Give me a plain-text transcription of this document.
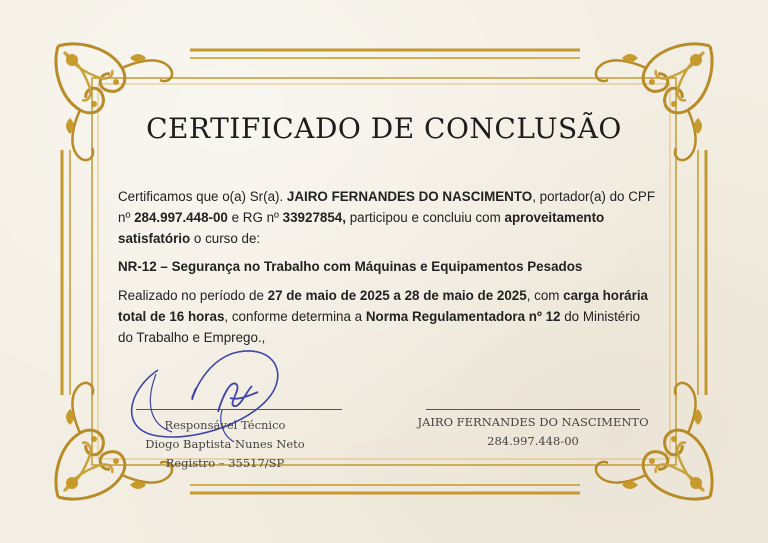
CERTIFICADO DE CONCLUSÃO
Certificamos que o(a) Sr(a). JAIRO FERNANDES DO NASCIMENTO, portador(a) do CPF nº 284.997.448-00 e RG nº 33927854, participou e concluiu com aproveitamento satisfatório o curso de:
NR-12 – Segurança no Trabalho com Máquinas e Equipamentos Pesados
Realizado no período de 27 de maio de 2025 a 28 de maio de 2025, com carga horária total de 16 horas, conforme determina a Norma Regulamentadora nº 12 do Ministério do Trabalho e Emprego.,
Responsável Técnico
Diogo Baptista Nunes Neto
Registro – 35517/SP
JAIRO FERNANDES DO NASCIMENTO
284.997.448-00
